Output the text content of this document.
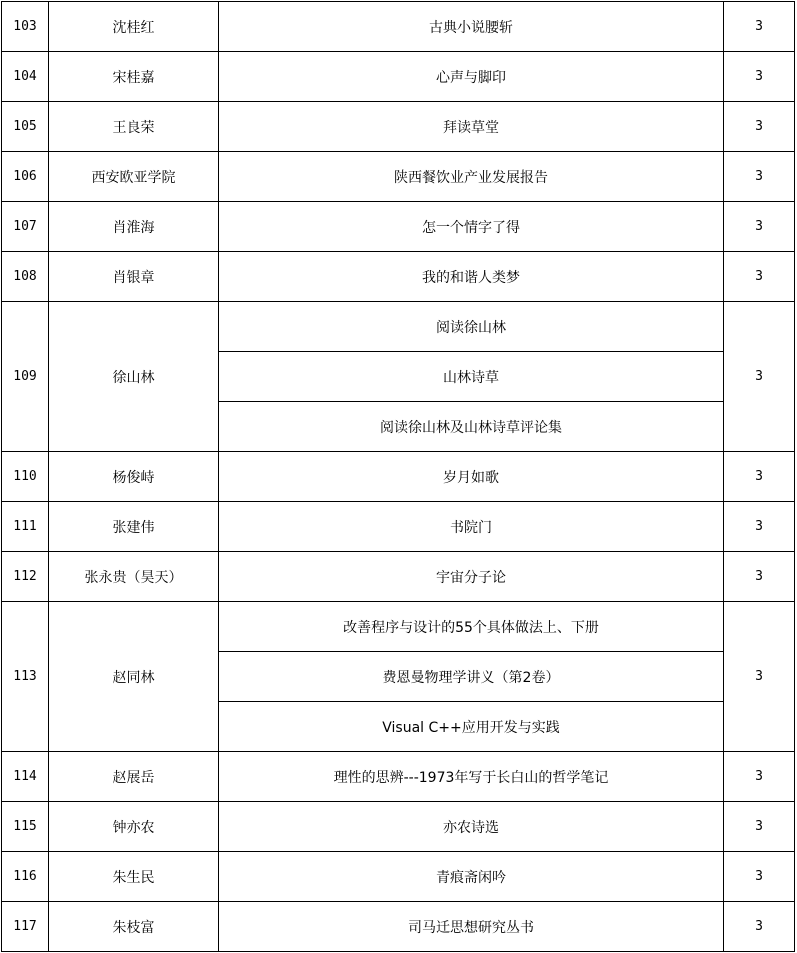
103	沈桂红	古典小说腰斩	3
104	宋桂嘉	心声与脚印	3
105	王良荣	拜读草堂	3
106	西安欧亚学院	陕西餐饮业产业发展报告	3
107	肖淮海	怎一个情字了得	3
108	肖银章	我的和谐人类梦	3
109	徐山林	阅读徐山林	3
		山林诗草	
		阅读徐山林及山林诗草评论集	
110	杨俊峙	岁月如歌	3
111	张建伟	书院门	3
112	张永贵（昊天）	宇宙分子论	3
113	赵同林	改善程序与设计的55个具体做法上、下册	3
		费恩曼物理学讲义（第2卷）	
		Visual C++应用开发与实践	
114	赵展岳	理性的思辨---1973年写于长白山的哲学笔记	3
115	钟亦农	亦农诗选	3
116	朱生民	青痕斋闲吟	3
117	朱枝富	司马迁思想研究丛书	3
